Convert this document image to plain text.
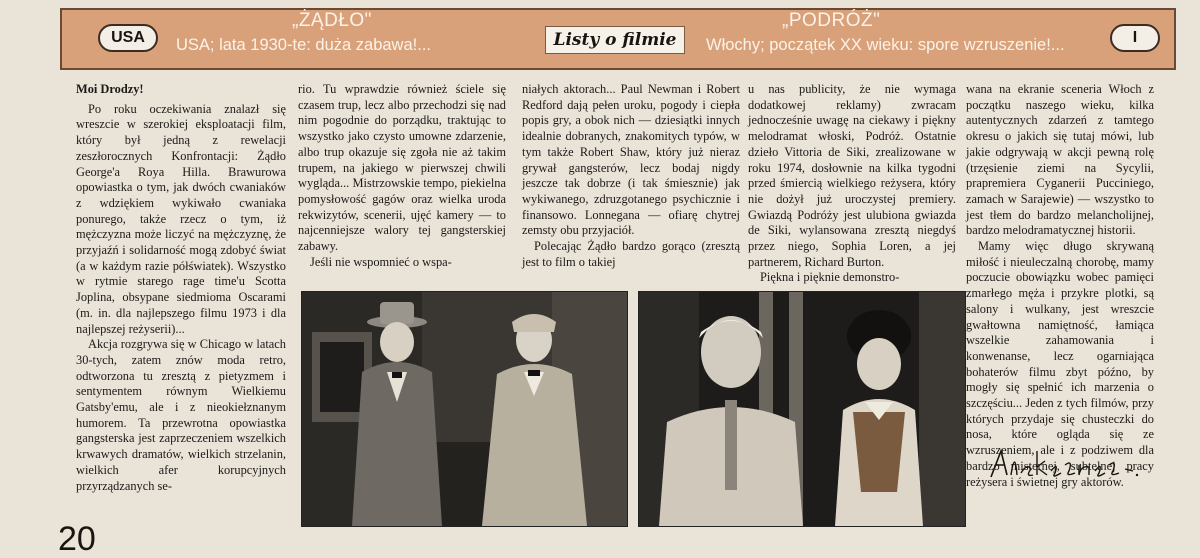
USA
„ŻĄDŁO"
USA; lata 1930-te: duża zabawa!...	Listy o filmie
„PODRÓŻ"
Włochy; początek XX wieku: spore wzruszenie!...	I

Moi Drodzy!

Po roku oczekiwania znalazł się wreszcie w szerokiej eksploatacji film, który był jedną z rewelacji zeszłorocznych Konfrontacji: Żądło George'a Roya Hilla. Brawurowa opowiastka o tym, jak dwóch cwaniaków z wdziękiem wykiwało cwaniaka ponurego, także rzecz o tym, iż mężczyzna może liczyć na mężczyznę, że przyjaźń i solidarność mogą zdobyć świat (a w każdym razie półświatek). Wszystko w rytmie starego rage time'u Scotta Joplina, obsypane siedmioma Oscarami (m. in. dla najlepszego filmu 1973 i dla najlepszej reżyserii)...

Akcja rozgrywa się w Chicago w latach 30-tych, zatem znów moda retro, odtworzona tu zresztą z pietyzmem i sentymentem równym Wielkiemu Gatsby'emu, ale i z nieokiełznanym humorem. Ta przewrotna opowiastka gangsterska jest zaprzeczeniem wszelkich krwawych dramatów, wielkich strzelanin, wielkich afer korupcyjnych przyrządzanych se-

rio. Tu wprawdzie również ściele się czasem trup, lecz albo przechodzi się nad nim pogodnie do porządku, traktując to wszystko jako czysto umowne zdarzenie, albo trup okazuje się zgoła nie aż takim trupem, na jakiego w pierwszej chwili wygląda... Mistrzowskie tempo, piekielna pomysłowość gagów oraz wielka uroda rekwizytów, scenerii, ujęć kamery — to najcenniejsze walory tej gangsterskiej zabawy.

Jeśli nie wspomnieć o wspa-

niałych aktorach... Paul Newman i Robert Redford dają pełen uroku, pogody i ciepła popis gry, a obok nich — dziesiątki innych idealnie dobranych, znakomitych typów, w tym także Robert Shaw, który już nieraz grywał gangsterów, lecz bodaj nigdy jeszcze tak dobrze (i tak śmiesznie) jak wykiwanego, zdruzgotanego psychicznie i finansowo. Lonnegana — ofiarę chytrej zemsty obu przyjaciół.

Polecając Żądło bardzo gorąco (zresztą jest to film o takiej

u nas publicity, że nie wymaga dodatkowej reklamy) zwracam jednocześnie uwagę na ciekawy i piękny melodramat włoski, Podróż. Ostatnie dzieło Vittoria de Siki, zrealizowane w roku 1974, dosłownie na kilka tygodni przed śmiercią wielkiego reżysera, który nie dożył już uroczystej premiery. Gwiazdą Podróży jest ulubiona gwiazda de Siki, wylansowana zresztą niegdyś przez niego, Sophia Loren, a jej partnerem, Richard Burton.

Piękna i pięknie demonstro-

wana na ekranie sceneria Włoch z początku naszego wieku, kilka autentycznych zdarzeń z tamtego okresu o jakich się tutaj mówi, lub jakie odgrywają w akcji pewną rolę (trzęsienie ziemi na Sycylii, prapremiera Cyganerii Pucciniego, zamach w Sarajewie) — wszystko to jest tłem do bardzo melancholijnej, bardzo melodramatycznej historii.

Mamy więc długo skrywaną miłość i nieuleczalną chorobę, mamy poczucie obowiązku wobec pamięci zmarłego męża i przykre plotki, są salony i wulkany, jest wreszcie gwałtowna namiętność, łamiąca wszelkie zahamowania i konwenanse, lecz ogarniająca bohaterów filmu zbyt późno, by mogły się spełnić ich marzenia o szczęściu... Jeden z tych filmów, przy których przydaje się chusteczki do nosa, które ogląda się ze wzruszeniem, ale i z podziwem dla bardzo misternej, subtelnej pracy reżysera i świetnej gry aktorów.

20
